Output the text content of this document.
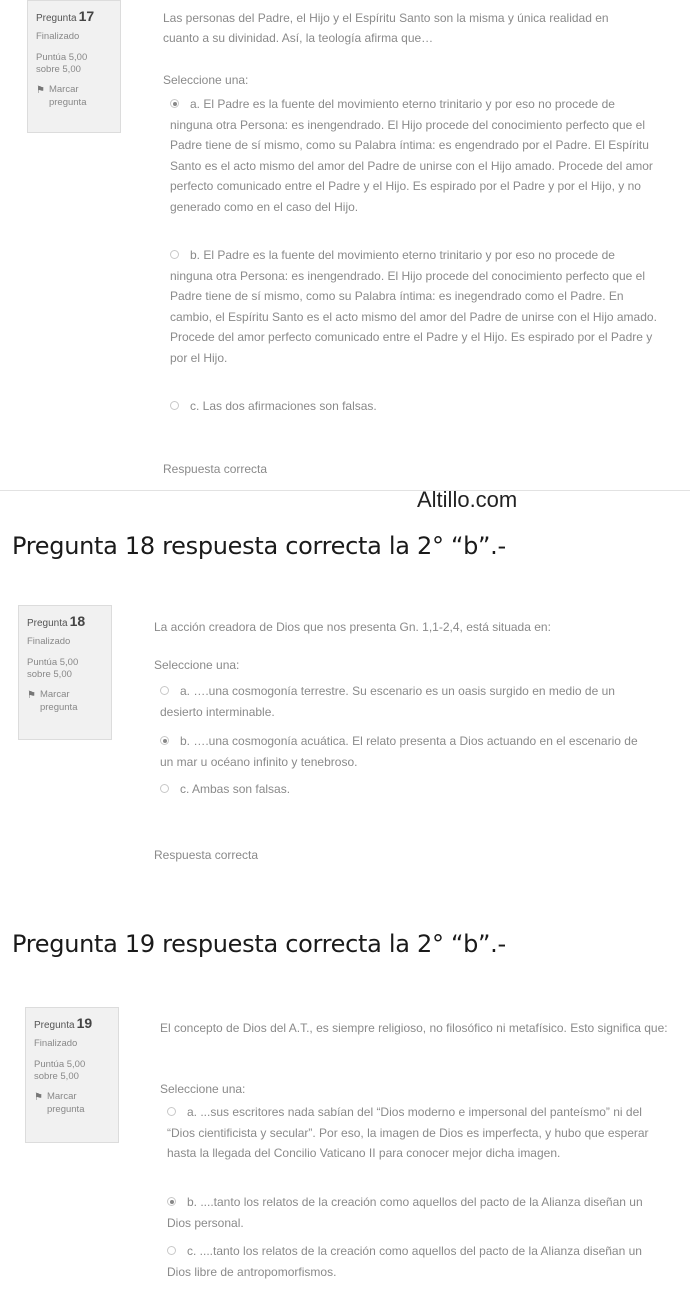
Pregunta 17
Finalizado
Puntúa 5,00 sobre 5,00
⚑ Marcar pregunta
Las personas del Padre, el Hijo y el Espíritu Santo son la misma y única realidad en cuanto a su divinidad. Así, la teología afirma que…
Seleccione una:
a. El Padre es la fuente del movimiento eterno trinitario y por eso no procede de ninguna otra Persona: es inengendrado. El Hijo procede del conocimiento perfecto que el Padre tiene de sí mismo, como su Palabra íntima: es engendrado por el Padre. El Espíritu Santo es el acto mismo del amor del Padre de unirse con el Hijo amado. Procede del amor perfecto comunicado entre el Padre y el Hijo. Es espirado por el Padre y por el Hijo, y no generado como en el caso del Hijo.
b. El Padre es la fuente del movimiento eterno trinitario y por eso no procede de ninguna otra Persona: es inengendrado. El Hijo procede del conocimiento perfecto que el Padre tiene de sí mismo, como su Palabra íntima: es inegendrado como el Padre. En cambio, el Espíritu Santo es el acto mismo del amor del Padre de unirse con el Hijo amado. Procede del amor perfecto comunicado entre el Padre y el Hijo. Es espirado por el Padre y por el Hijo.
c. Las dos afirmaciones son falsas.
Respuesta correcta
Altillo.com
Pregunta 18 respuesta correcta la 2° “b”.-
Pregunta 18
Finalizado
Puntúa 5,00 sobre 5,00
⚑ Marcar pregunta
La acción creadora de Dios que nos presenta Gn. 1,1-2,4, está situada en:
Seleccione una:
a. ….una cosmogonía terrestre. Su escenario es un oasis surgido en medio de un desierto interminable.
b. ….una cosmogonía acuática. El relato presenta a Dios actuando en el escenario de un mar u océano infinito y tenebroso.
c. Ambas son falsas.
Respuesta correcta
Pregunta 19 respuesta correcta la 2° “b”.-
Pregunta 19
Finalizado
Puntúa 5,00 sobre 5,00
⚑ Marcar pregunta
El concepto de Dios del A.T., es siempre religioso, no filosófico ni metafísico. Esto significa que:
Seleccione una:
a. ...sus escritores nada sabían del “Dios moderno e impersonal del panteísmo” ni del “Dios cientificista y secular”. Por eso, la imagen de Dios es imperfecta, y hubo que esperar hasta la llegada del Concilio Vaticano II para conocer mejor dicha imagen.
b. ....tanto los relatos de la creación como aquellos del pacto de la Alianza diseñan un Dios personal.
c. ....tanto los relatos de la creación como aquellos del pacto de la Alianza diseñan un Dios libre de antropomorfismos.
